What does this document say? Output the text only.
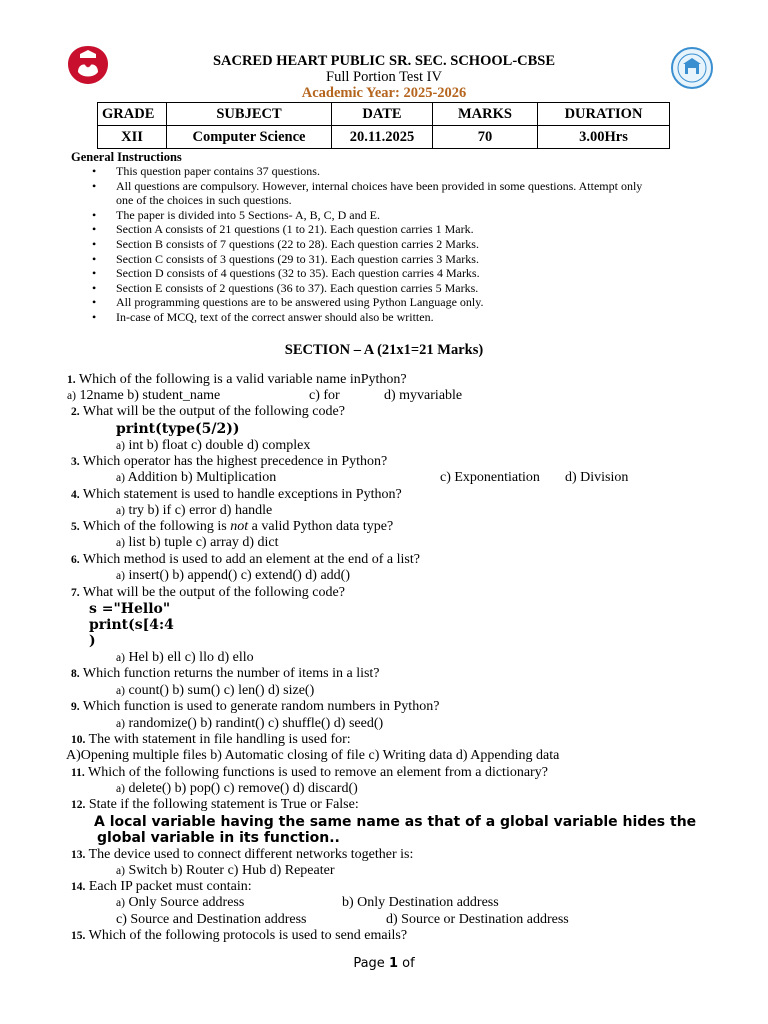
SACRED HEART PUBLIC SR. SEC. SCHOOL-CBSE
Full Portion Test IV
Academic Year: 2025-2026
GRADE	SUBJECT	DATE	MARKS	DURATION
XII	Computer Science	20.11.2025	70	3.00Hrs
General Instructions
• This question paper contains 37 questions.
• All questions are compulsory. However, internal choices have been provided in some questions. Attempt only one of the choices in such questions.
• The paper is divided into 5 Sections- A, B, C, D and E.
• Section A consists of 21 questions (1 to 21). Each question carries 1 Mark.
• Section B consists of 7 questions (22 to 28). Each question carries 2 Marks.
• Section C consists of 3 questions (29 to 31). Each question carries 3 Marks.
• Section D consists of 4 questions (32 to 35). Each question carries 4 Marks.
• Section E consists of 2 questions (36 to 37). Each question carries 5 Marks.
• All programming questions are to be answered using Python Language only.
• In-case of MCQ, text of the correct answer should also be written.
SECTION – A (21x1=21 Marks)
1. Which of the following is a valid variable name inPython?
a) 12name b) student_name	c) for	d) myvariable
2. What will be the output of the following code?
print(type(5/2))
a) int b) float c) double d) complex
3. Which operator has the highest precedence in Python?
a) Addition b) Multiplication	c) Exponentiation d) Division
4. Which statement is used to handle exceptions in Python?
a) try b) if c) error d) handle
5. Which of the following is not a valid Python data type?
a) list b) tuple c) array d) dict
6. Which method is used to add an element at the end of a list?
a) insert() b) append() c) extend() d) add()
7. What will be the output of the following code?
s ="Hello"
print(s[4:4
)
a) Hel b) ell c) llo d) ello
8. Which function returns the number of items in a list?
a) count() b) sum() c) len() d) size()
9. Which function is used to generate random numbers in Python?
a) randomize() b) randint() c) shuffle() d) seed()
10. The with statement in file handling is used for:
A)Opening multiple files b) Automatic closing of file c) Writing data d) Appending data
11. Which of the following functions is used to remove an element from a dictionary?
a) delete() b) pop() c) remove() d) discard()
12. State if the following statement is True or False:
A local variable having the same name as that of a global variable hides the
global variable in its function..
13. The device used to connect different networks together is:
a) Switch b) Router c) Hub d) Repeater
14. Each IP packet must contain:
a) Only Source address	b) Only Destination address
c) Source and Destination address	d) Source or Destination address
15. Which of the following protocols is used to send emails?
Page 1 of
